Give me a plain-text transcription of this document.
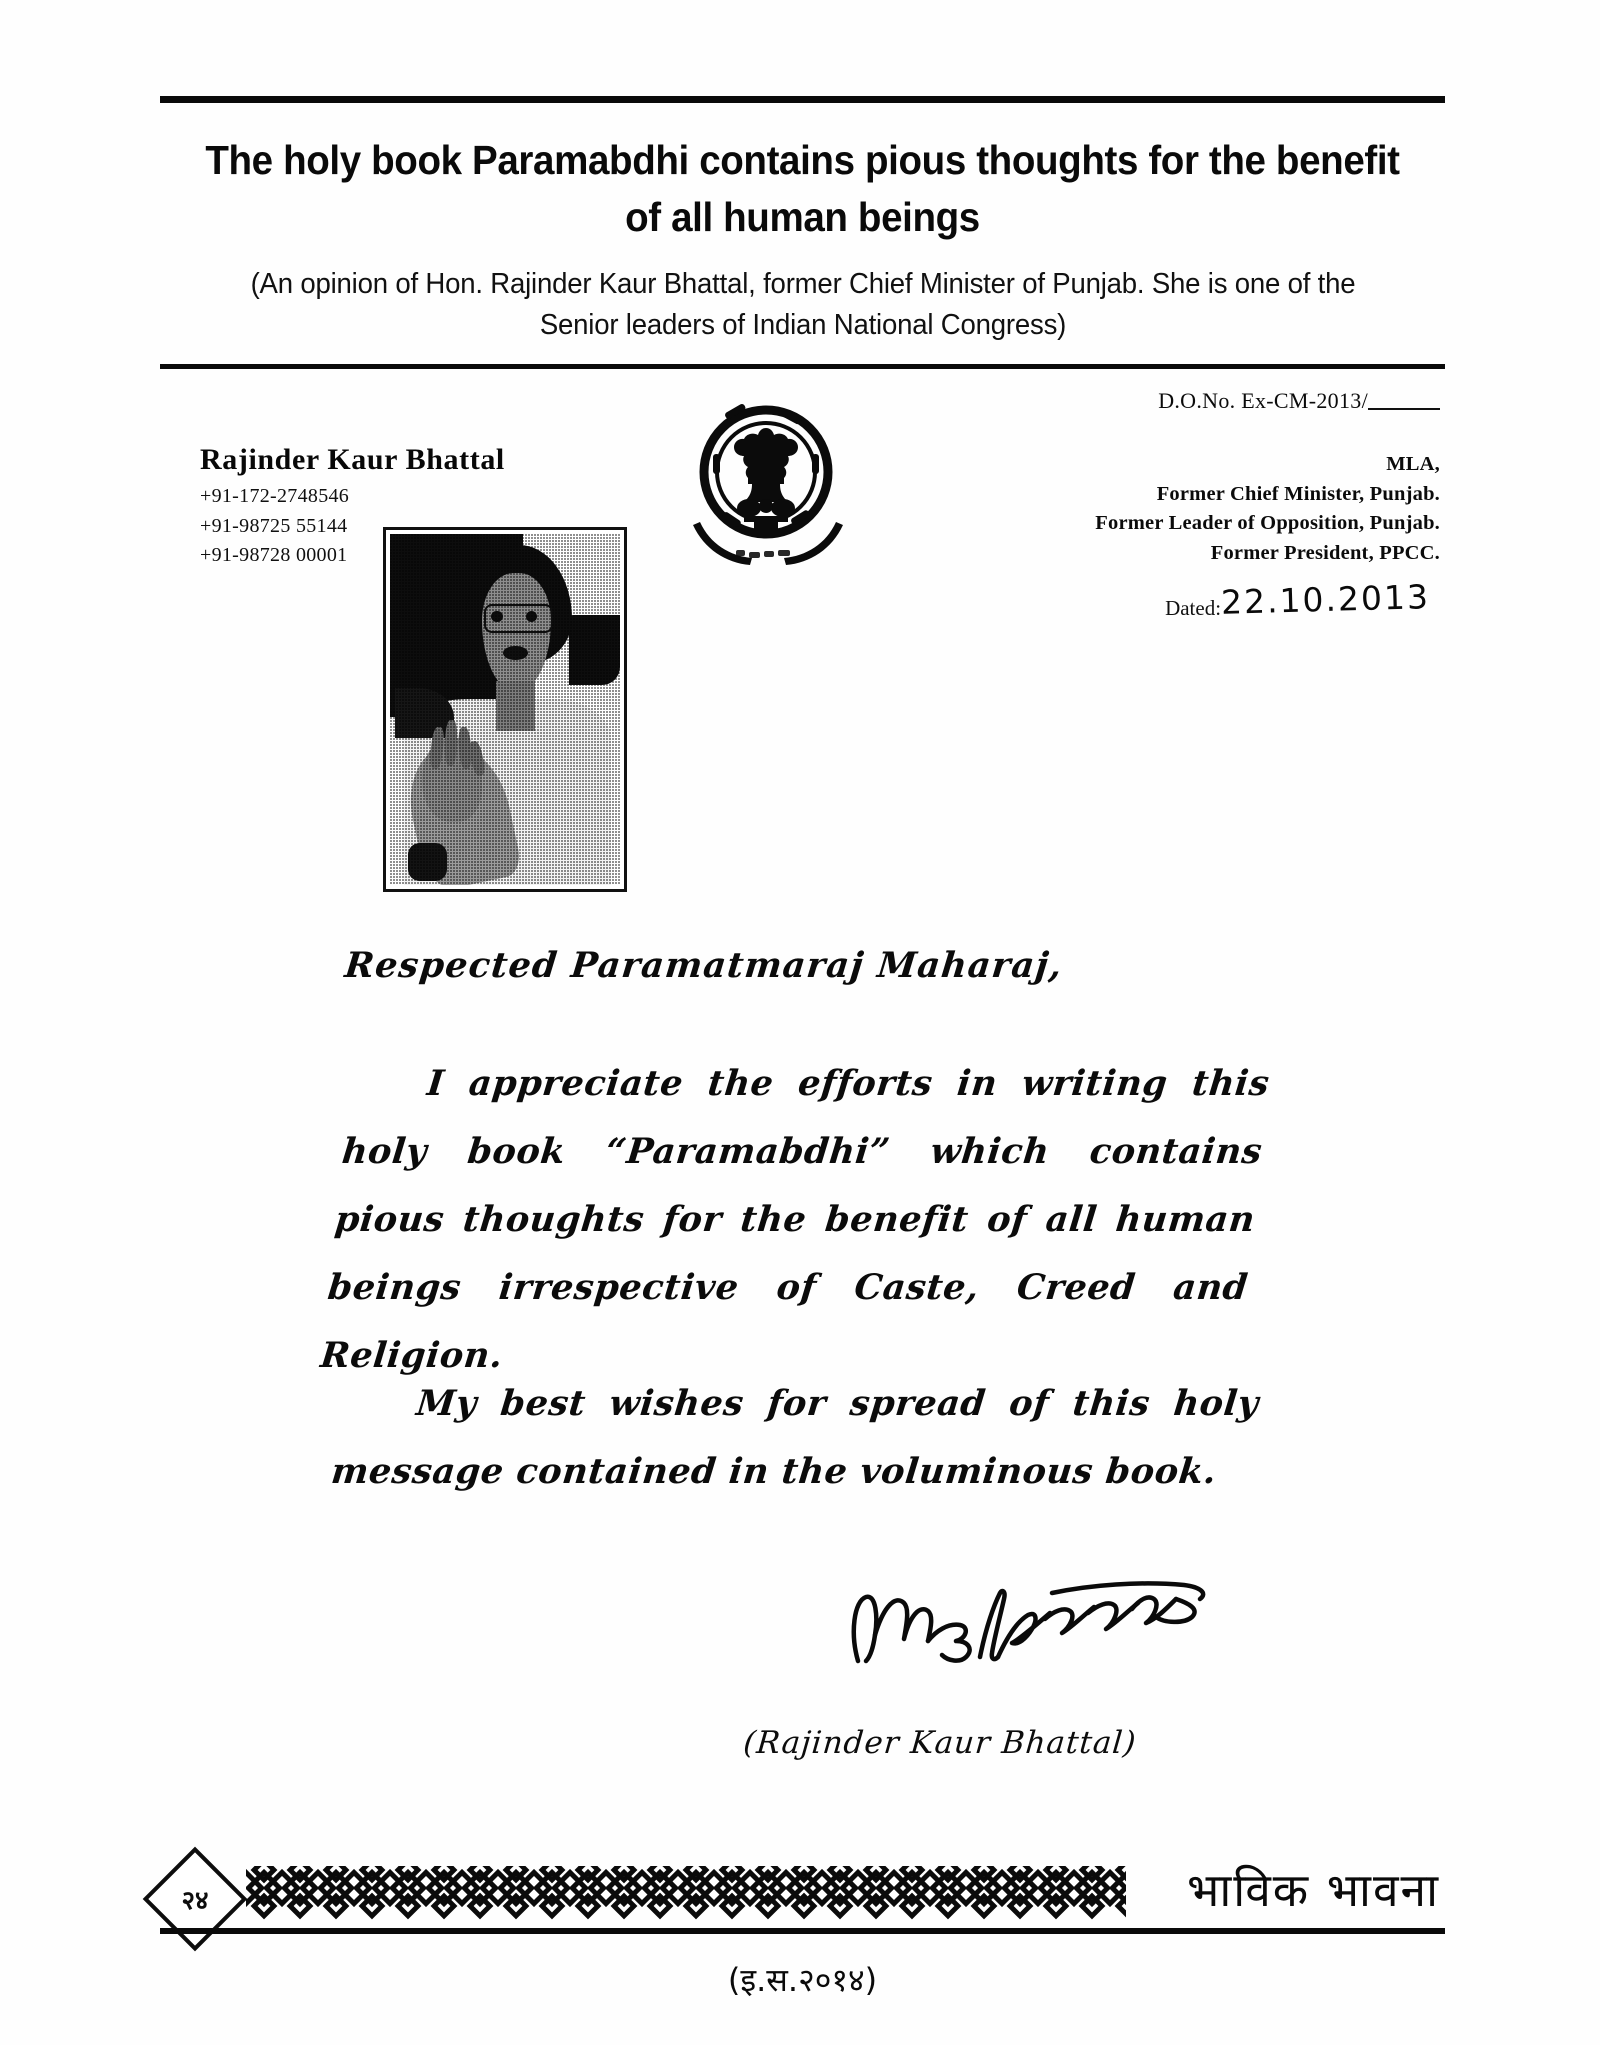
The holy book Paramabdhi contains pious thoughts for the benefit of all human beings
(An opinion of Hon. Rajinder Kaur Bhattal, former Chief Minister of Punjab. She is one of the Senior leaders of Indian National Congress)
Rajinder Kaur Bhattal
+91-172-2748546
+91-98725 55144
+91-98728 00001
D.O.No. Ex-CM-2013/
MLA,
Former Chief Minister, Punjab.
Former Leader of Opposition, Punjab.
Former President, PPCC.
Dated:22.10.2013
Respected Paramatmaraj Maharaj,
I appreciate the efforts in writing this holy book “Paramabdhi” which contains pious thoughts for the benefit of all human beings irrespective of Caste, Creed and Religion.
My best wishes for spread of this holy message contained in the voluminous book.
(Rajinder Kaur Bhattal)
२४	भाविक भावना
(इ.स.२०१४)
